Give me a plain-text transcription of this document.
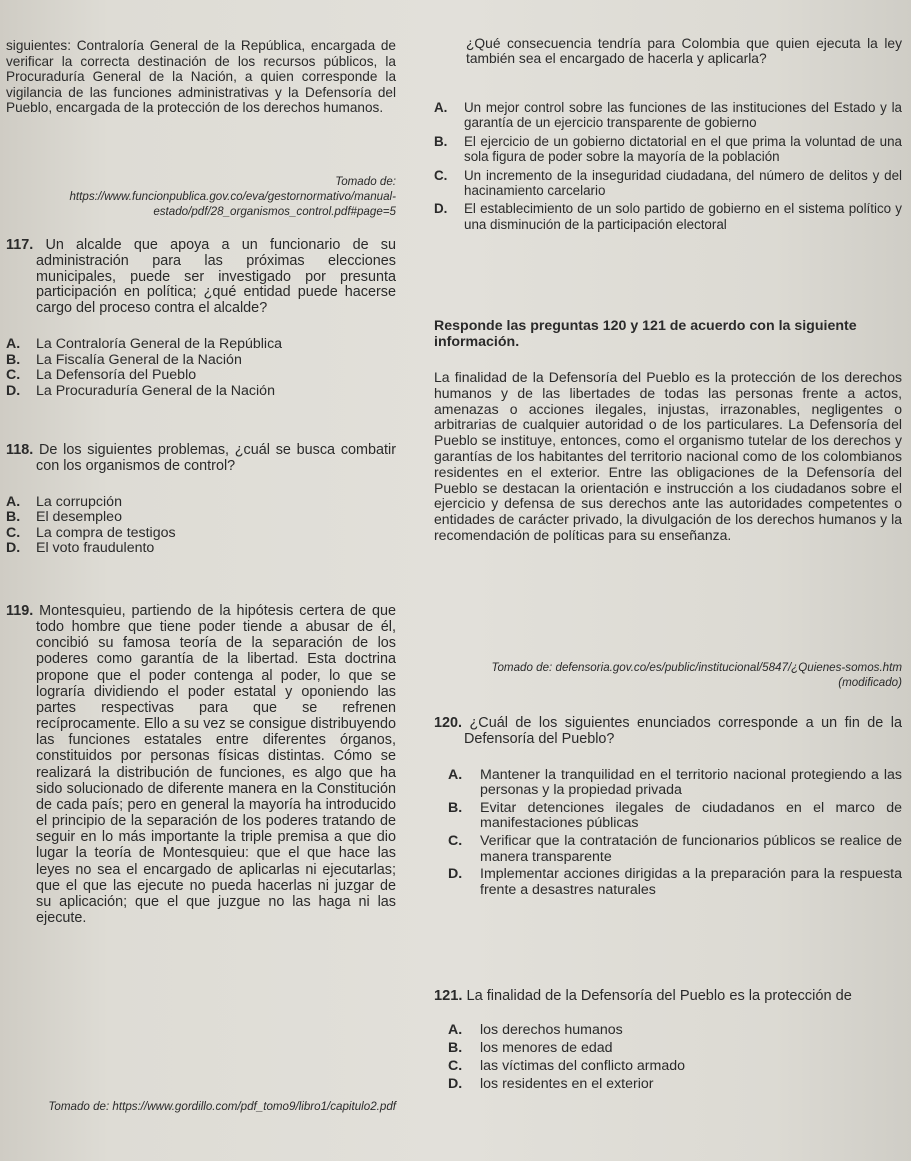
siguientes: Contraloría General de la República, encargada de verificar la correcta destinación de los recursos públicos, la Procuraduría General de la Nación, a quien corresponde la vigilancia de las funciones administrativas y la Defensoría del Pueblo, encargada de la protección de los derechos humanos.

Tomado de: https://www.funcionpublica.gov.co/eva/gestornormativo/manual-estado/pdf/28_organismos_control.pdf#page=5

117. Un alcalde que apoya a un funcionario de su administración para las próximas elecciones municipales, puede ser investigado por presunta participación en política; ¿qué entidad puede hacerse cargo del proceso contra el alcalde?

A. La Contraloría General de la República
B. La Fiscalía General de la Nación
C. La Defensoría del Pueblo
D. La Procuraduría General de la Nación

118. De los siguientes problemas, ¿cuál se busca combatir con los organismos de control?

A. La corrupción
B. El desempleo
C. La compra de testigos
D. El voto fraudulento

119. Montesquieu, partiendo de la hipótesis certera de que todo hombre que tiene poder tiende a abusar de él, concibió su famosa teoría de la separación de los poderes como garantía de la libertad. Esta doctrina propone que el poder contenga al poder, lo que se lograría dividiendo el poder estatal y oponiendo las partes respectivas para que se refrenen recíprocamente. Ello a su vez se consigue distribuyendo las funciones estatales entre diferentes órganos, constituidos por personas físicas distintas. Cómo se realizará la distribución de funciones, es algo que ha sido solucionado de diferente manera en la Constitución de cada país; pero en general la mayoría ha introducido el principio de la separación de los poderes tratando de seguir en lo más importante la triple premisa a que dio lugar la teoría de Montesquieu: que el que hace las leyes no sea el encargado de aplicarlas ni ejecutarlas; que el que las ejecute no pueda hacerlas ni juzgar de su aplicación; que el que juzgue no las haga ni las ejecute.

Tomado de: https://www.gordillo.com/pdf_tomo9/libro1/capitulo2.pdf

¿Qué consecuencia tendría para Colombia que quien ejecuta la ley también sea el encargado de hacerla y aplicarla?

A. Un mejor control sobre las funciones de las instituciones del Estado y la garantía de un ejercicio transparente de gobierno
B. El ejercicio de un gobierno dictatorial en el que prima la voluntad de una sola figura de poder sobre la mayoría de la población
C. Un incremento de la inseguridad ciudadana, del número de delitos y del hacinamiento carcelario
D. El establecimiento de un solo partido de gobierno en el sistema político y una disminución de la participación electoral

Responde las preguntas 120 y 121 de acuerdo con la siguiente información.

La finalidad de la Defensoría del Pueblo es la protección de los derechos humanos y de las libertades de todas las personas frente a actos, amenazas o acciones ilegales, injustas, irrazonables, negligentes o arbitrarias de cualquier autoridad o de los particulares. La Defensoría del Pueblo se instituye, entonces, como el organismo tutelar de los derechos y garantías de los habitantes del territorio nacional como de los colombianos residentes en el exterior. Entre las obligaciones de la Defensoría del Pueblo se destacan la orientación e instrucción a los ciudadanos sobre el ejercicio y defensa de sus derechos ante las autoridades competentes o entidades de carácter privado, la divulgación de los derechos humanos y la recomendación de políticas para su enseñanza.

Tomado de: defensoria.gov.co/es/public/institucional/5847/¿Quienes-somos.htm (modificado)

120. ¿Cuál de los siguientes enunciados corresponde a un fin de la Defensoría del Pueblo?

A. Mantener la tranquilidad en el territorio nacional protegiendo a las personas y la propiedad privada
B. Evitar detenciones ilegales de ciudadanos en el marco de manifestaciones públicas
C. Verificar que la contratación de funcionarios públicos se realice de manera transparente
D. Implementar acciones dirigidas a la preparación para la respuesta frente a desastres naturales

121. La finalidad de la Defensoría del Pueblo es la protección de

A. los derechos humanos
B. los menores de edad
C. las víctimas del conflicto armado
D. los residentes en el exterior
